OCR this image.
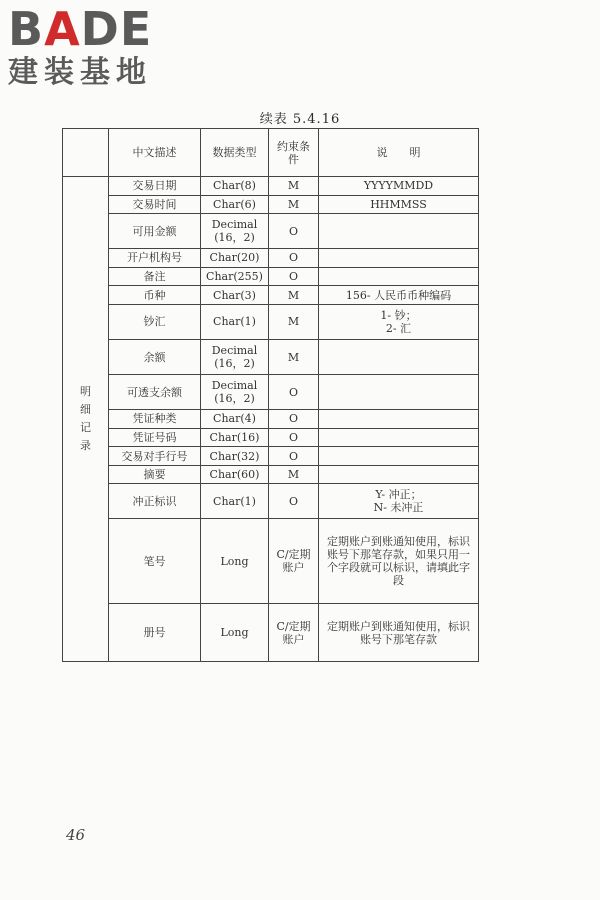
BADE
建装基地
续表 5.4.16
	中文描述	数据类型	约束条件	说　　明
明细记录	交易日期	Char(8)	M	YYYYMMDD
	交易时间	Char(6)	M	HHMMSS
	可用金额	Decimal (16，2)	O	
	开户机构号	Char(20)	O	
	备注	Char(255)	O	
	币种	Char(3)	M	156- 人民币币种编码
	钞汇	Char(1)	M	1- 钞；
2- 汇
	余额	Decimal (16，2)	M	
	可透支余额	Decimal (16，2)	O	
	凭证种类	Char(4)	O	
	凭证号码	Char(16)	O	
	交易对手行号	Char(32)	O	
	摘要	Char(60)	M	
	冲正标识	Char(1)	O	Y- 冲正；
N- 未冲正
	笔号	Long	C/定期账户	定期账户到账通知使用，标识账号下那笔存款，如果只用一个字段就可以标识，请填此字段
	册号	Long	C/定期账户	定期账户到账通知使用，标识账号下那笔存款
46
